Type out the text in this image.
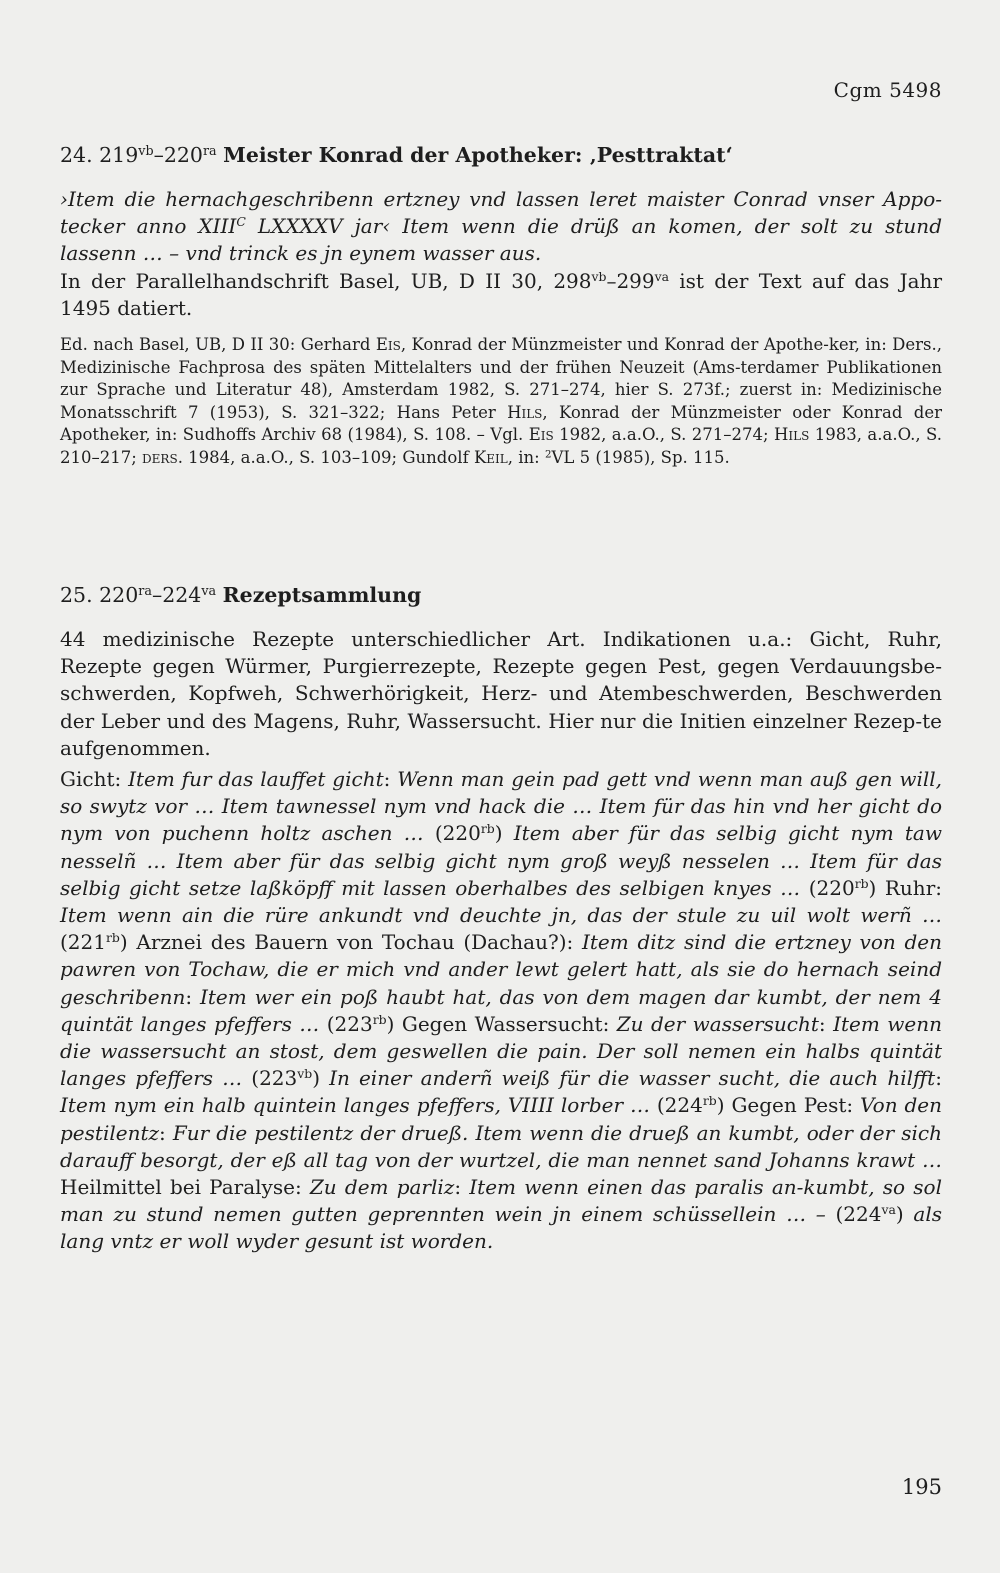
Cgm 5498
24. $219^{vb}-220^{ra}$ Meister Konrad der Apotheker: ‚Pesttraktat‘

›Item die hernachgeschribenn ertzney vnd lassen leret maister Conrad vnser Appo-tecker anno $XIII^C$ LXXXXV jar‹ Item wenn die drüß an komen, der solt zu stund lassenn … – vnd trinck es jn eynem wasser aus.

In der Parallelhandschrift Basel, UB, D II 30, $298^{vb}-299^{va}$ ist der Text auf das Jahr 1495 datiert.

Ed. nach Basel, UB, D II 30: Gerhard Eis, Konrad der Münzmeister und Konrad der Apothe-ker, in: Ders., Medizinische Fachprosa des späten Mittelalters und der frühen Neuzeit (Ams-terdamer Publikationen zur Sprache und Literatur 48), Amsterdam 1982, S. 271–274, hier S. 273f.; zuerst in: Medizinische Monatsschrift 7 (1953), S. 321–322; Hans Peter Hils, Konrad der Münzmeister oder Konrad der Apotheker, in: Sudhoffs Archiv 68 (1984), S. 108. – Vgl. Eis 1982, a.a.O., S. 271–274; Hils 1983, a.a.O., S. 210–217; ders. 1984, a.a.O., S. 103–109; Gundolf Keil, in: $^2$VL 5 (1985), Sp. 115.

25. $220^{ra}-224^{va}$ Rezeptsammlung

44 medizinische Rezepte unterschiedlicher Art. Indikationen u.a.: Gicht, Ruhr, Rezepte gegen Würmer, Purgierrezepte, Rezepte gegen Pest, gegen Verdauungsbe-schwerden, Kopfweh, Schwerhörigkeit, Herz- und Atembeschwerden, Beschwerden der Leber und des Magens, Ruhr, Wassersucht. Hier nur die Initien einzelner Rezep-te aufgenommen.

Gicht: Item fur das lauffet gicht: Wenn man gein pad gett vnd wenn man auß gen will, so swytz vor … Item tawnessel nym vnd hack die … Item für das hin vnd her gicht do nym von puchenn holtz aschen … $(220^{rb})$ Item aber für das selbig gicht nym taw nesselñ … Item aber für das selbig gicht nym groß weyß nesselen … Item für das selbig gicht setze laßköpff mit lassen oberhalbes des selbigen knyes … $(220^{rb})$ Ruhr: Item wenn ain die rüre ankundt vnd deuchte jn, das der stule zu uil wolt werñ … $(221^{rb})$ Arznei des Bauern von Tochau (Dachau?): Item ditz sind die ertzney von den pawren von Tochaw, die er mich vnd ander lewt gelert hatt, als sie do hernach seind geschribenn: Item wer ein poß haubt hat, das von dem magen dar kumbt, der nem 4 quintät langes pfeffers … $(223^{rb})$ Gegen Wassersucht: Zu der wassersucht: Item wenn die wassersucht an stost, dem geswellen die pain. Der soll nemen ein halbs quintät langes pfeffers … $(223^{vb})$ In einer anderñ weiß für die wasser sucht, die auch hilfft: Item nym ein halb quintein langes pfeffers, VIIII lorber … $(224^{rb})$ Gegen Pest: Von den pestilentz: Fur die pestilentz der drueß. Item wenn die drueß an kumbt, oder der sich darauff besorgt, der eß all tag von der wurtzel, die man nennet sand Johanns krawt … Heilmittel bei Paralyse: Zu dem parliz: Item wenn einen das paralis an-kumbt, so sol man zu stund nemen gutten geprennten wein jn einem schüssellein … – $(224^{va})$ als lang vntz er woll wyder gesunt ist worden.

195
